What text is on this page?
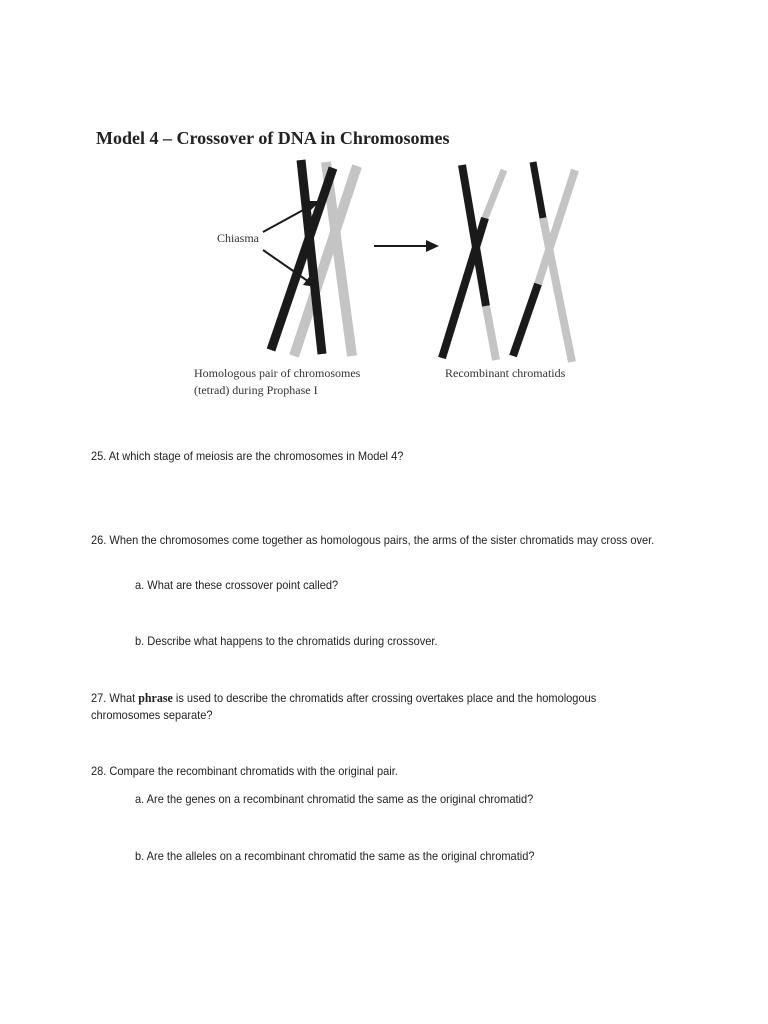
Model 4 – Crossover of DNA in Chromosomes
Chiasma
Homologous pair of chromosomes
(tetrad) during Prophase I
Recombinant chromatids
25. At which stage of meiosis are the chromosomes in Model 4?
26. When the chromosomes come together as homologous pairs, the arms of the sister chromatids may cross over.
a. What are these crossover point called?
b. Describe what happens to the chromatids during crossover.
27. What phrase is used to describe the chromatids after crossing overtakes place and the homologous chromosomes separate?
28. Compare the recombinant chromatids with the original pair.
a. Are the genes on a recombinant chromatid the same as the original chromatid?
b. Are the alleles on a recombinant chromatid the same as the original chromatid?
